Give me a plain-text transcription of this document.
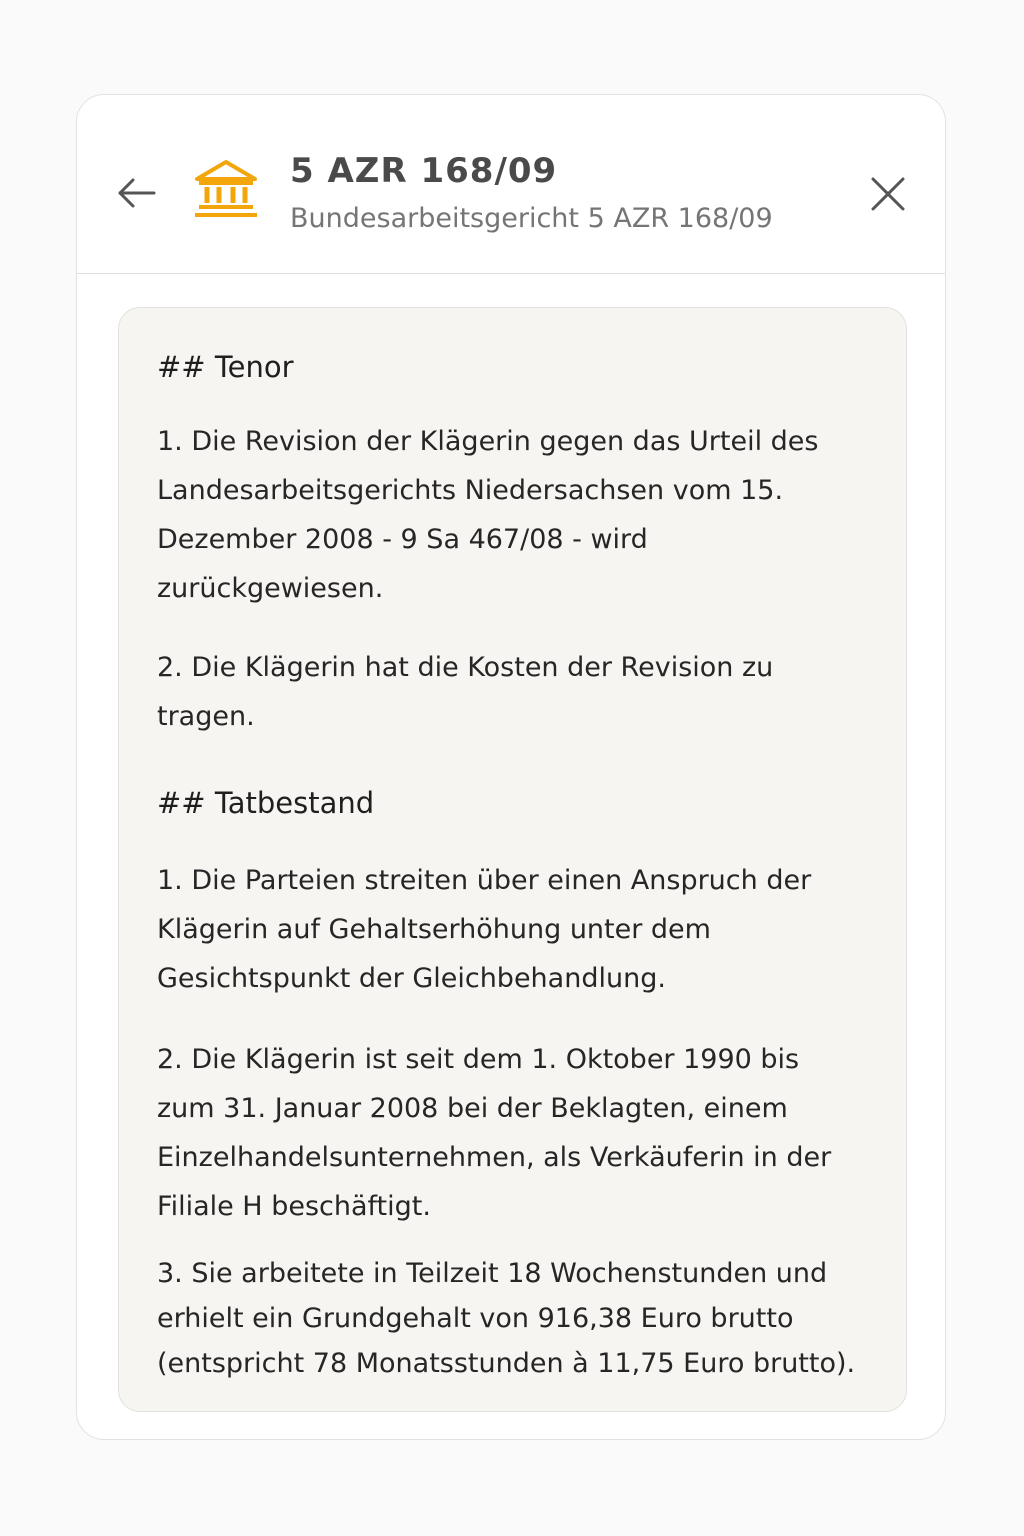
5 AZR 168/09
Bundesarbeitsgericht 5 AZR 168/09
## Tenor
1. Die Revision der Klägerin gegen das Urteil des Landesarbeitsgerichts Niedersachsen vom 15. Dezember 2008 - 9 Sa 467/08 - wird zurückgewiesen.
2. Die Klägerin hat die Kosten der Revision zu tragen.
## Tatbestand
1. Die Parteien streiten über einen Anspruch der Klägerin auf Gehaltserhöhung unter dem Gesichtspunkt der Gleichbehandlung.
2. Die Klägerin ist seit dem 1. Oktober 1990 bis zum 31. Januar 2008 bei der Beklagten, einem Einzelhandelsunternehmen, als Verkäuferin in der Filiale H beschäftigt.
3. Sie arbeitete in Teilzeit 18 Wochenstunden und erhielt ein Grundgehalt von 916,38 Euro brutto (entspricht 78 Monatsstunden à 11,75 Euro brutto).
